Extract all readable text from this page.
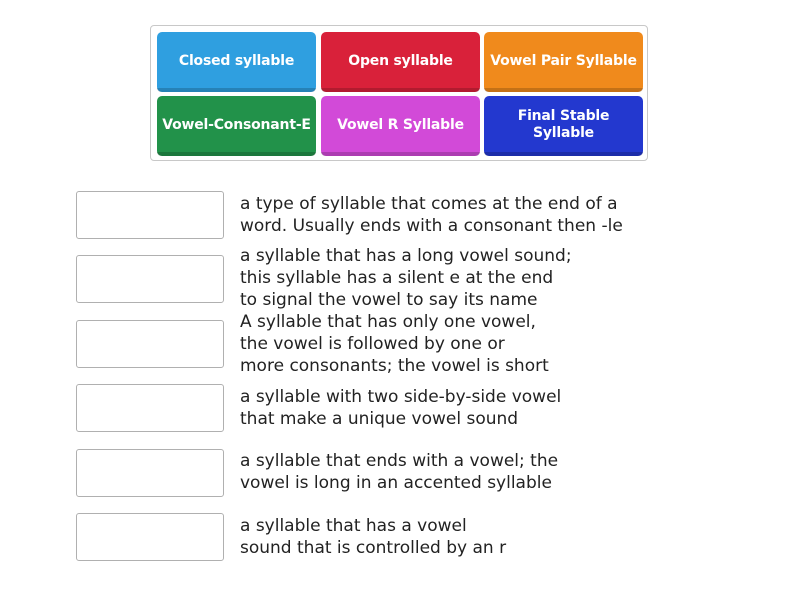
Closed syllable	Open syllable	Vowel Pair Syllable
Vowel-Consonant-E Vowel R Syllable
Final Stable
Syllable
a type of syllable that comes at the end of a
word. Usually ends with a consonant then -le
a syllable that has a long vowel sound;
this syllable has a silent e at the end
to signal the vowel to say its name
A syllable that has only one vowel,
the vowel is followed by one or
more consonants; the vowel is short
a syllable with two side-by-side vowel
that make a unique vowel sound
a syllable that ends with a vowel; the
vowel is long in an accented syllable
a syllable that has a vowel
sound that is controlled by an r
